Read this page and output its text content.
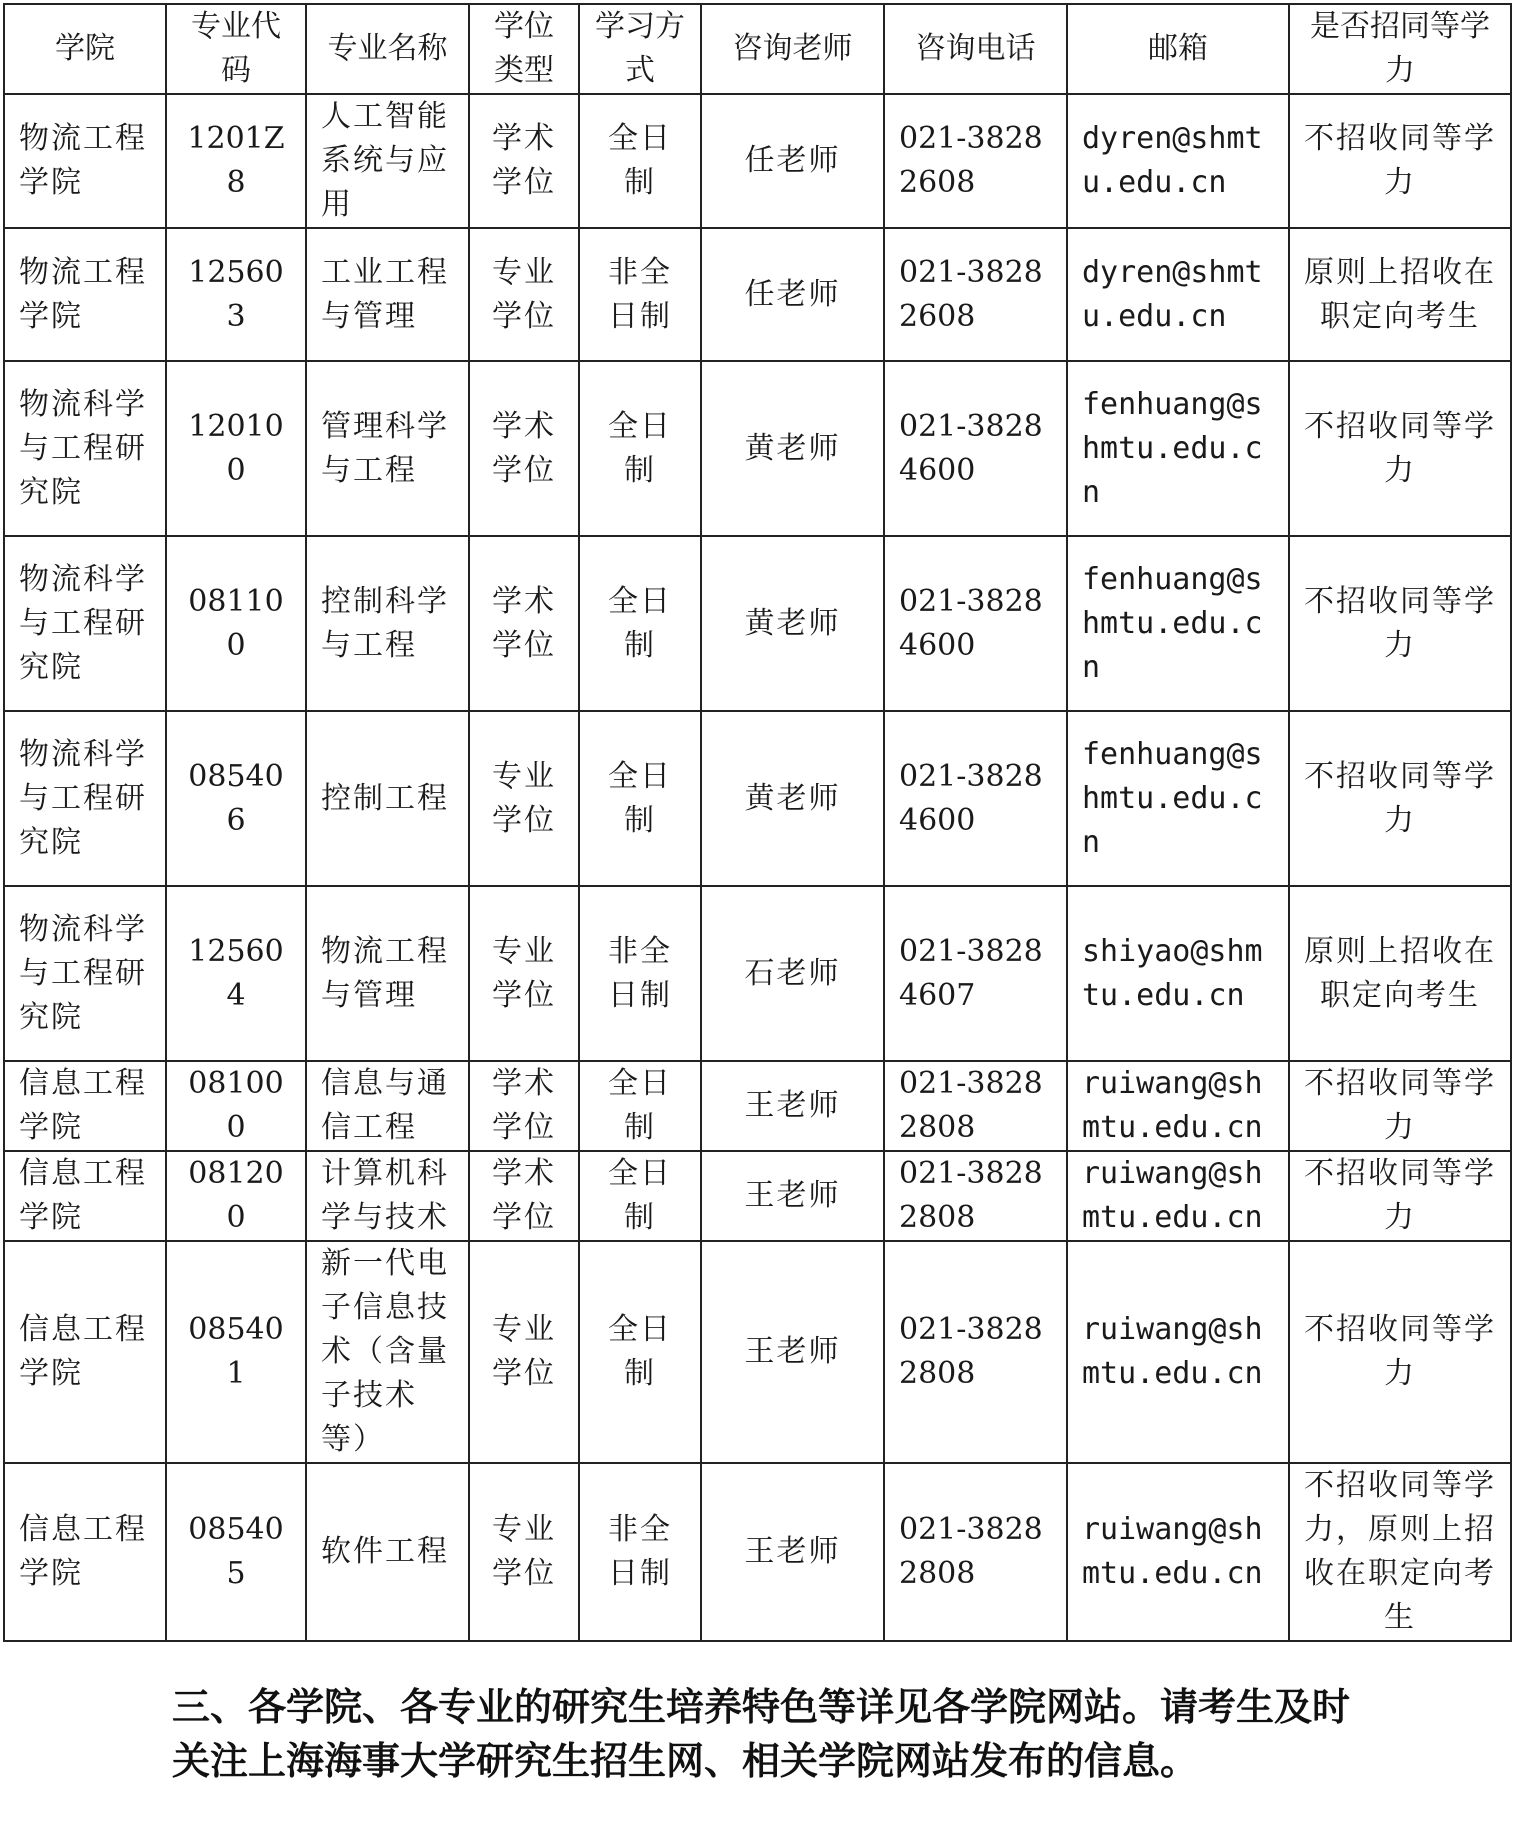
学院	专业代码	专业名称	学位类型	学习方式	咨询老师	咨询电话	邮箱	是否招同等学力
物流工程学院	1201Z8	人工智能系统与应用	学术学位	全日制	任老师	021-38282608	dyren@shmtu.edu.cn	不招收同等学力
物流工程学院	125603	工业工程与管理	专业学位	非全日制	任老师	021-38282608	dyren@shmtu.edu.cn	原则上招收在职定向考生
物流科学与工程研究院	120100	管理科学与工程	学术学位	全日制	黄老师	021-38284600	fenhuang@shmtu.edu.cn	不招收同等学力
物流科学与工程研究院	081100	控制科学与工程	学术学位	全日制	黄老师	021-38284600	fenhuang@shmtu.edu.cn	不招收同等学力
物流科学与工程研究院	085406	控制工程	专业学位	全日制	黄老师	021-38284600	fenhuang@shmtu.edu.cn	不招收同等学力
物流科学与工程研究院	125604	物流工程与管理	专业学位	非全日制	石老师	021-38284607	shiyao@shmtu.edu.cn	原则上招收在职定向考生
信息工程学院	081000	信息与通信工程	学术学位	全日制	王老师	021-38282808	ruiwang@shmtu.edu.cn	不招收同等学力
信息工程学院	081200	计算机科学与技术	学术学位	全日制	王老师	021-38282808	ruiwang@shmtu.edu.cn	不招收同等学力
信息工程学院	085401	新一代电子信息技术（含量子技术等）	专业学位	全日制	王老师	021-38282808	ruiwang@shmtu.edu.cn	不招收同等学力
信息工程学院	085405	软件工程	专业学位	非全日制	王老师	021-38282808	ruiwang@shmtu.edu.cn	不招收同等学力，原则上招收在职定向考生
三、各学院、各专业的研究生培养特色等详见各学院网站。请考生及时关注上海海事大学研究生招生网、相关学院网站发布的信息。
